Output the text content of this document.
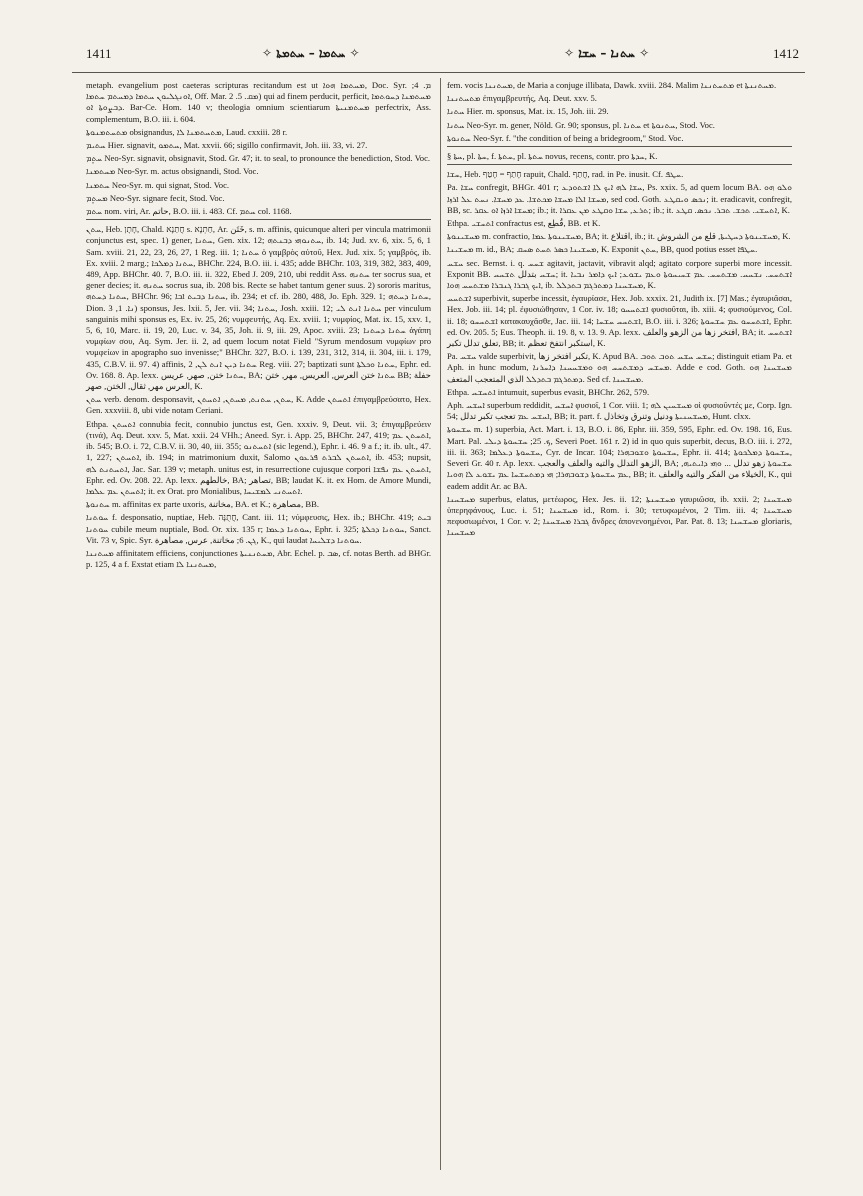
1411	✧ ܚܬܡܐ – ܚܬܡܬܐ ✧	✧ ܚܬܢܐ – ܚܫܐ ✧	1412

metaph. evangelium post caeteras scripturas recitandum est ut ܡܚܬܡܐ ܗܘܐ, Doc. Syr. ܡ. 4; ܐܘܢܓܠܝܘܢ ܚܬܡܐ ܕܡܚܬܡ ܚܬܡܐ, Off. Mar. ܡܩ. 5. 2) qui ad finem perducit, perficit, ܡܚܬܡܢܐ ܕܚܘܬܡܐ ܕܒܨܘܬܐ ܐܘ. Bar-Ce. Hom. 140 v; theologia omnium scientiarum ܡܚܬܡܢܝܬܐ perfectrix, Ass. complementum, B.O. iii. i. 604.

ܡܬܚܬܡܢܘܬܐ obsignandus, ܡܬܚܬܡܢܐ ܠܐ, Laud. cxxiii. 28 r.

ܚܬܝܡ Hier. signavit, ܚܬܡܘ, Mat. xxvii. 66; sigillo confirmavit, Joh. iii. 33, vi. 27.

ܚܬܸܡ Neo-Syr. signavit, obsignavit, Stod. Gr. 47; it. to seal, to pronounce the benediction, Stod. Voc.

ܡܚܬܡܢܐ Neo-Syr. m. actus obsignandi, Stod. Voc.

ܚܬܡܢܐ Neo-Syr. m. qui signat, Stod. Voc.

ܡܚܬܸܡ Neo-Syr. signare fecit, Stod. Voc.

ܚܬܡ nom. viri, Ar. حاتم, B.O. iii. i. 483. Cf. ܚܬܡ col. 1168.

ܚܬܢ, Heb. חָתָן, Chald. חֲתַנָא s. חַתְנָא, Ar. خَتَن, s. m. affinis, quicunque alteri per vincula matrimonii conjunctus est, spec. 1) gener, ܚܬܢܐ, Gen. xix. 12; ܚܬܢܘܗܝ ܕܒܢܬܗ, ib. 14; Jud. xv. 6, xix. 5, 6, 1 Sam. xviii. 21, 22, 23, 26, 27, 1 Reg. iii. 1; ܚܬܢܐ ὁ γαμβρὸς αὐτοῦ, Hex. Jud. xix. 5; γαμβρός, ib. Ex. xviii. 2 marg.; ܚܬܢܐ ܕܡܠܟܐ, BHChr. 224, B.O. iii. i. 435; adde BHChr. 103, 319, 382, 383, 409, 489, App. BHChr. 40. 7, B.O. iii. ii. 322, Ebed J. 209, 210, ubi reddit Ass. ܚܬܢܗ ter socrus sua, et gener decies; it. ܚܬܢܗ socrus sua, ib. 208 bis. Recte se habet tantum gener suus. 2) sororis maritus, ܚܬܢܐ ܕܚܬܗ, BHChr. 96; ܚܬܢܐ ܕܒܝܬ ܐܒܐ, ib. 234; et cf. ib. 280, 488, Jo. Eph. 329. 1; ܚܬܢܐ ܕܚܬܗ, Dion. ܢܐ. 1, 3) sponsus, Jes. lxii. 5, Jer. vii. 34; ܚܬܢܐ, Josh. xxiii. 12; ܚܬܢܐ ܐܢܬ ܠܝ per vinculum sanguinis mihi sponsus es, Ex. iv. 25, 26; νυμφευτής, Aq. Ex. xviii. 1; νυμφίος, Mat. ix. 15, xxv. 1, 5, 6, 10, Marc. ii. 19, 20, Luc. v. 34, 35, Joh. ii. 9, iii. 29, Apoc. xviii. 23; ܚܬܢܐ ܕܚܬܢܐ ἀγάπη νυμφίων σου, Aq. Sym. Jer. ii. 2, ad quem locum notat Field "Syrum mendosum νυμφίων pro νυμφείων in apographo suo invenisse;" BHChr. 327, B.O. i. 139, 231, 312, 314, ii. 304, iii. i. 179, 435, C.B.V. ii. 97. 4) affinis, ܚܬܢܐ ܕܝܢ ܐܢܬ ܠܢ, 2 Reg. viii. 27; baptizati sunt ܚܬܢܐ ܘܟܠܬܐ, Ephr. ed. Ov. 168. 8. Ap. lexx. ܚܬܢܐ ختن, صهر, عريس, BA; ܚܬܢܐ ختن العرس, العريس, مهر, ختن BB; حفلة العرس مهر, ثقال, الختن, صهر, K.

ܚܬܢ verb. denom. desponsavit, ܚܬܢ, ܚܬܢܬ, ܡܚܬܢ, ܐܬܚܬܢ, K. Adde ܐܬܚܬܢ ἐπιγαμβρεύσατο, Hex. Gen. xxxviii. 8, ubi vide notam Ceriani.

Ethpa. ܐܬܚܬܢ connubia fecit, connubio junctus est, Gen. xxxiv. 9, Deut. vii. 3; ἐπιγαμβρεύειν (τινά), Aq. Deut. xxv. 5, Mat. xxii. 24 VHh.; Aneed. Syr. i. App. 25, BHChr. 247, 419; ܐܬܚܬܢ ܥܡ, ib. 545; B.O. i. 72, C.B.V. ii. 30, 40, iii. 355; ܐܬܚܬܢܘ (sic legend.), Ephr. i. 46. 9 a f.; it. ib. ult., 47. 1, 227; ܐܬܚܬܢ, ib. 194; in matrimonium duxit, Salomo ܐܬܚܬܢ ܠܒܪܬ ܦܪܥܘܢ, ib. 453; nupsit, ܐܬܚܬܢܬ ܠܗ, Jac. Sar. 139 v; metaph. unitus est, in resurrectione cujusque corpori ܐܬܚܬܢ ܥܡ ܢܦܫܐ, Ephr. ed. Ov. 208. 22. Ap. lexx. خالطهم, BA; تصاهر, BB; laudat K. it. ex Hom. de Amore Mundi, ܐܬܚܬܢ ܥܡ ܥܠܡܐ; it. ex Orat. pro Monialibus, ܐܬܚܬܢܝ ܠܡܫܝܚܐ.

ܚܬܢܘܬܐ m. affinitas ex parte uxoris, مخاتنة, BA. et K.; مصاهرة, BB.

ܚܘܬܢܐ f. desponsatio, nuptiae, Heb. חֲתֻנָּה, Cant. iii. 11; νύμφευσις, Hex. ib.; BHChr. 419; ܒܝܬ ܚܘܬܢܐ cubile meum nuptiale, Bod. Or. xix. 135 r; ܚܘܬܢܐ ܕܥܡܐ, Ephr. i. 325; ܚܘܬܢܐ ܕܟܠܬܐ, Sanct. Vit. 73 v, Spic. Syr. ܓܢ. 6; مخاتنة, عرس, مصاهرة, K., qui laudat ܚܘܬܢܐ ܕܫܠܝܚܐ.

ܡܚܬܢܢܐ affinitatem efficiens, conjunctiones ܡܚܬܢܢܝܬܐ, Abr. Echel. p. ܣܒ, cf. notas Berth. ad BHGr. p. 125, 4 a f. Exstat etiam ܡܚܬܢܢܐ ܠܐ,

fem. vocis ܡܚܬܢܢܐ, de Maria a conjuge illibata, Dawk. xviii. 284. Malim ܡܬܚܬܢܢܐ et ܡܚܬܢܢܬܐ.

ܡܬܚܬܢܢܐ ἐπιγαμβρευτής, Aq. Deut. xxv. 5.

ܚܬܢܐ Hier. m. sponsus, Mat. ix. 15, Joh. iii. 29.

ܚܬܢܐ Neo-Syr. m. gener, Nöld. Gr. 90; sponsus, pl. ܚܬܢܐ et ܚܬܢܘܬܐ, Stod. Voc.

ܚܬܢܘܬܐ Neo-Syr. f. "the condition of being a bridegroom," Stod. Voc.

§ ܚܬܐ, pl. ܚܬܐ, f. ܚܬܬܐ, pl. ܚܬܬܐ novus, recens, contr. pro ܚܕܬܐ, K.

ܚܫܐ, Heb. חָתַף = חָטַף rapuit, Chald. חֲתַף, rad. in Pe. inusit. Cf. ܚܛܦ.

Pa. ܚܫܐ confregit, BHGr. 401 r; ܚܫܐ ܠܗ ܐܝܟ ܠܐ ܐܫܬܘܕܥ, Ps. xxix. 5, ad quem locum BA. ܘܠܘ ܗܘ ܡܚܫܐ ܐܠܐ ܡܚܫܐ ܡܟܬܫܐ. ܥܕ ܡܚܫܐ. ܢܚܬ ܥܠ ܐܪܙܐ, sed cod. Goth. ܢܟܣ ܘܝܩܛܥ; it. eradicavit, confregit, BB, sc. ܡܚܫܐ ܐܪܙܐ ܐܘ ܥܩܪ; ib.; it. ܬܪܥ, ܚܫܐ ܘܩܛܥ ܡܢ ܥܩܪܐ; ib.; it. ܐܬܚܫܝ. ܬܟܫ. ܬܒܪ. ܢܟܣ. ܩܛܥ, K.

Ethpa. ܐܬܚܫܝ confractus est, قُطِع, BB. et K.

ܡܚܫܝܢܘܬܐ m. confractio, ܡܚܫܝܢܘܬܐ ܥܡܐ, BA; it. اقتلاع, ib.; it. ܡܚܫܝܢܘܬܐ ܕܚܛܝܬܐ, قلع من الشروش, K.

ܡܚܫܝܢܐ m. id., BA; ܡܚܫܝܢܐ ܟܣܪ ܬܚܬ ܣܚܩ, K. Exponit ܚܬܢ, BB, quod potius esset ܚܛܦܐ.

ܚܫܚ sec. Bernst. i. q. ܫܚܚ agitavit, jactavit, vibravit alqd; agitato corpore superbi more incessit. Exponit BB. ܚܫܚ بتدلل ܬܫܚܚ; it. ܐܫܬܚܚ. ܢܫܚܚ. ܡܫܬܚܚ. ܥܡ ܫܚܝܚܘܬܐ ܘܥܡ ܝܫܘܥ; ܐܝܟ ܕܐܡܪ ܢܒܝܐ ܐܝܟ ܓܒܪܐ ܓܢܒܪܐ ܡܫܬܚܚ ܗܘܐ, ib. ܡܚܫܚܢܐ ܕܡܬܪܓܡ ܒܬܕܠܠ, K.

ܐܫܬܚܚ superbivit, superbe incessit, ἐγαυρίασε, Hex. Job. xxxix. 21, Judith ix. [7] Mas.; ἐγαυριᾶσαι, Hex. Job. iii. 14; pl. ἐφυσιώθησαν, 1 Cor. iv. 18; ܐܫܬܚܚܘ φυσιοῦται, ib. xiii. 4; φυσιούμενος, Col. ii. 18; ܐܫܬܚܚܘ κατακαυχᾶσθε, Jac. iii. 14; ܐܫܬܚܚ ܚܫܚܐ, B.O. iii. i. 326; ܐܫܬܚܚܘ ܥܡ ܚܫܚܘܬܐ, Ephr. ed. Ov. 205. 5; Eus. Theoph. ii. 19. 8, v. 13. 9. Ap. lexx. افتخر زها من الزهو والعلف, BA; it. ܐܫܬܚܚ تعلق تدلل تكبر, BB; it. استكبر انتفخ تعظم, K.

Pa. ܚܫܚ valde superbivit, تكبر افتخر زها, K. Apud BA. ܚܫܚ ܚܫܚ ܬܘܒ ܬܘܒ; distinguit etiam Pa. et Aph. in hunc modum, ܡܚܫܚ ܕܡܫܬܚܚ ܗܘ ܘܡܫܚܚܢܐ ܕܐܚܪܢܐ. Adde e cod. Goth. ܡܚܫܚܢܐ ܗܘ ܕܡܬܪܓܡ ܒܬܕܠܠ الذي المتعجب المتعف. Sed cf. ܡܚܫܚܢܐ.

Ethpa. ܐܬܚܫܚ intumuit, superbus evasit, BHChr. 262, 579.

Aph. ܐܚܫܚ superbum reddidit, ܐܚܫܚ φυσιοῖ, 1 Cor. viii. 1; ܡܚܫܚܝܢ ܠܗ οἱ φυσιοῦντές με, Corp. Ign. 54; ܐܚܫܚ ܥܡ تعجب تكبر تدلل, BB; it. part. f. ܡܚܫܚܢܝܬܐ ودنيل وتنرق وتخاذل, Hunt. clxx.

ܚܫܚܘܬܐ m. 1) superbia, Act. Mart. i. 13, B.O. i. 86, Ephr. iii. 359, 595, Ephr. ed. Ov. 198. 16, Eus. Mart. Pal. ܟ. 25; ܚܫܚܘܬܐ ܕܝܠܝ, Severi Poet. 161 r. 2) id in quo quis superbit, decus, B.O. iii. i. 272, iii. ii. 363; ܚܫܚܘܬܐ ܕܥܠܡܐ, Cyr. de Incar. 104; ܚܫܚܘܬܐ ܘܫܘܒܗܪܐ, Ephr. ii. 414; ܚܫܚܘܬܐ ܕܡܠܟܘܬܐ, Severi Gr. 40 r. Ap. lexx. الزهو التدلل والتيه والعلف والعجب, BA; ܚܫܚܘܬܐ زهو تدلل ... ܘܗܝ ܕܐܝܬܝܗ, ܥܡ ܚܫܚܘܬܐ ܕܫܘܒܗܪܐ; ܗܝ ܕܡܬܚܫܚܐ ܥܡ ܝܫܘܥ ܠܐ ܗܘܝܐ, BB; it. الخيلاء من الفكر والتيه والعلف, K., qui eadem addit Ar. ac BA.

ܡܚܫܚܢܐ superbus, elatus, μετέωρος, Hex. Jes. ii. 12; ܡܚܫܚܢܬܐ γαυριῶσα, ib. xxii. 2; ܡܚܫܚܢܐ ὑπερηφάνους, Luc. i. 51; ܡܚܫܚܢܐ id., Rom. i. 30; τετυφωμένοι, 2 Tim. iii. 4; ܡܚܫܚܢܐ πεφυσιωμένοι, 1 Cor. v. 2; ܓܒܪܐ ܡܚܫܚܢܐ ἄνδρες ἀπονενοημένοι, Par. Pat. 8. 13; ܡܚܫܚܢܐ gloriaris, ܡܚܫܚܢܐ
